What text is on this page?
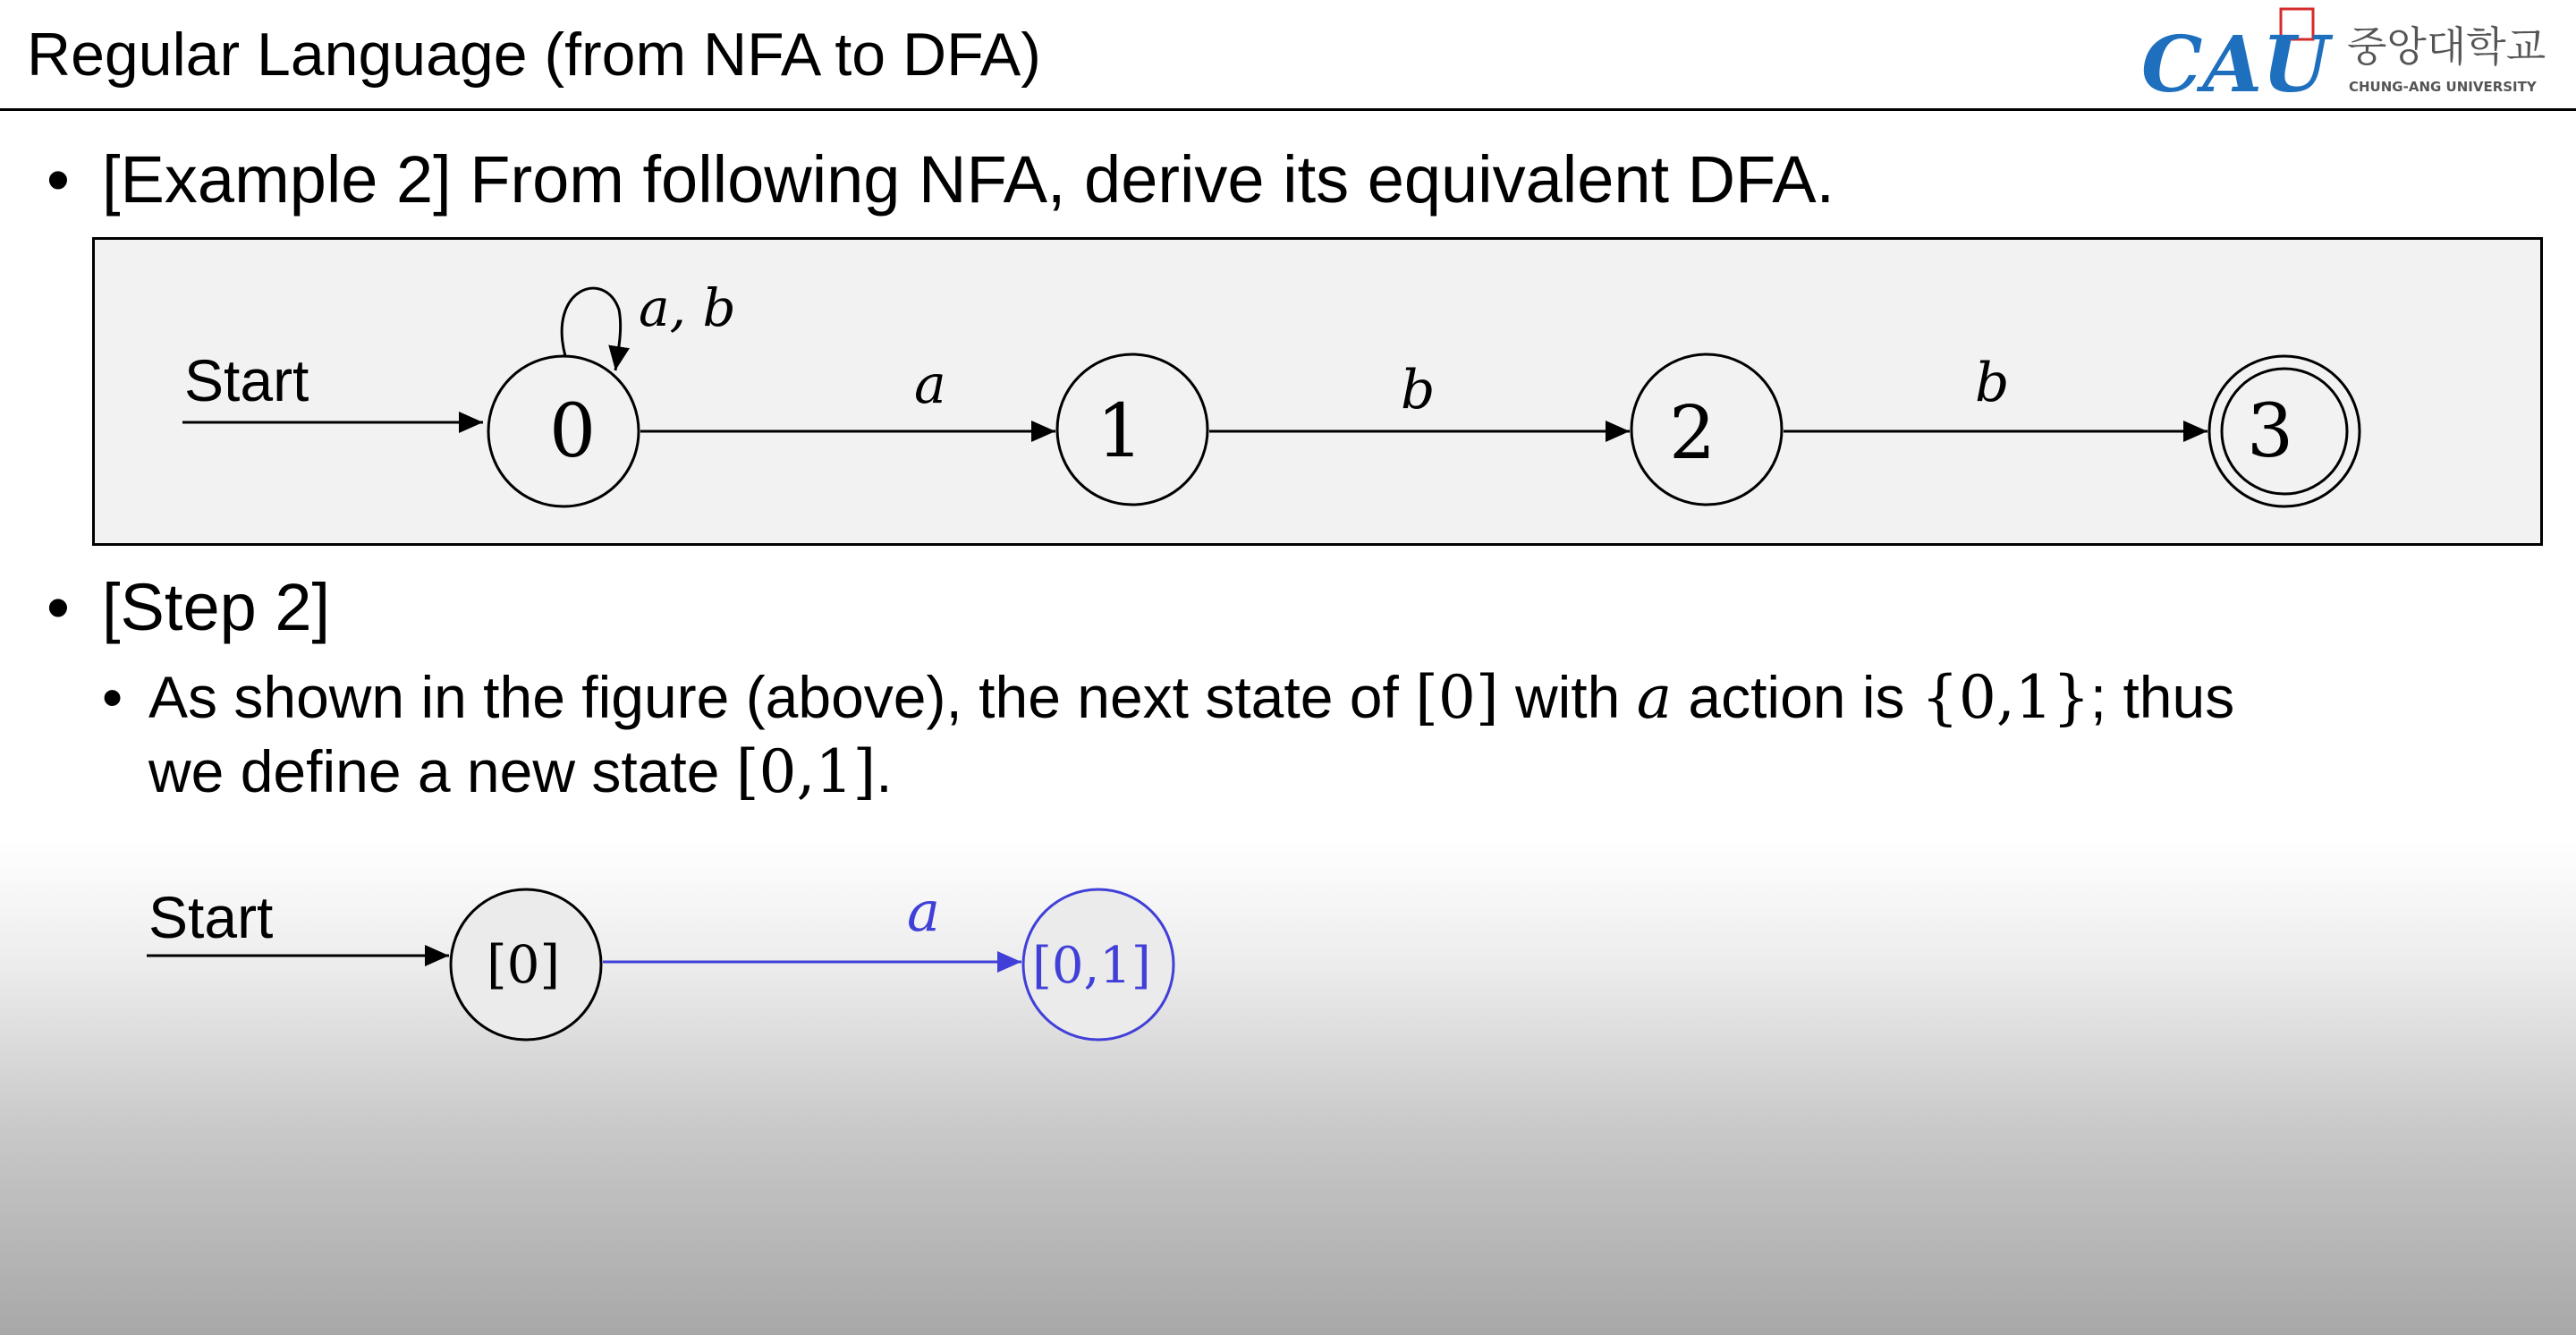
Regular Language (from NFA to DFA)	CAU 중앙대학교
CHUNG-ANG UNIVERSITY
• [Example 2] From following NFA, derive its equivalent DFA.
Start
a, b
0	1	2	3
a	b	b
• [Step 2]
• As shown in the figure (above), the next state of [0] with a action is {0,1}; thus
we define a new state [0,1].
Start
[0]
a
[0,1]
